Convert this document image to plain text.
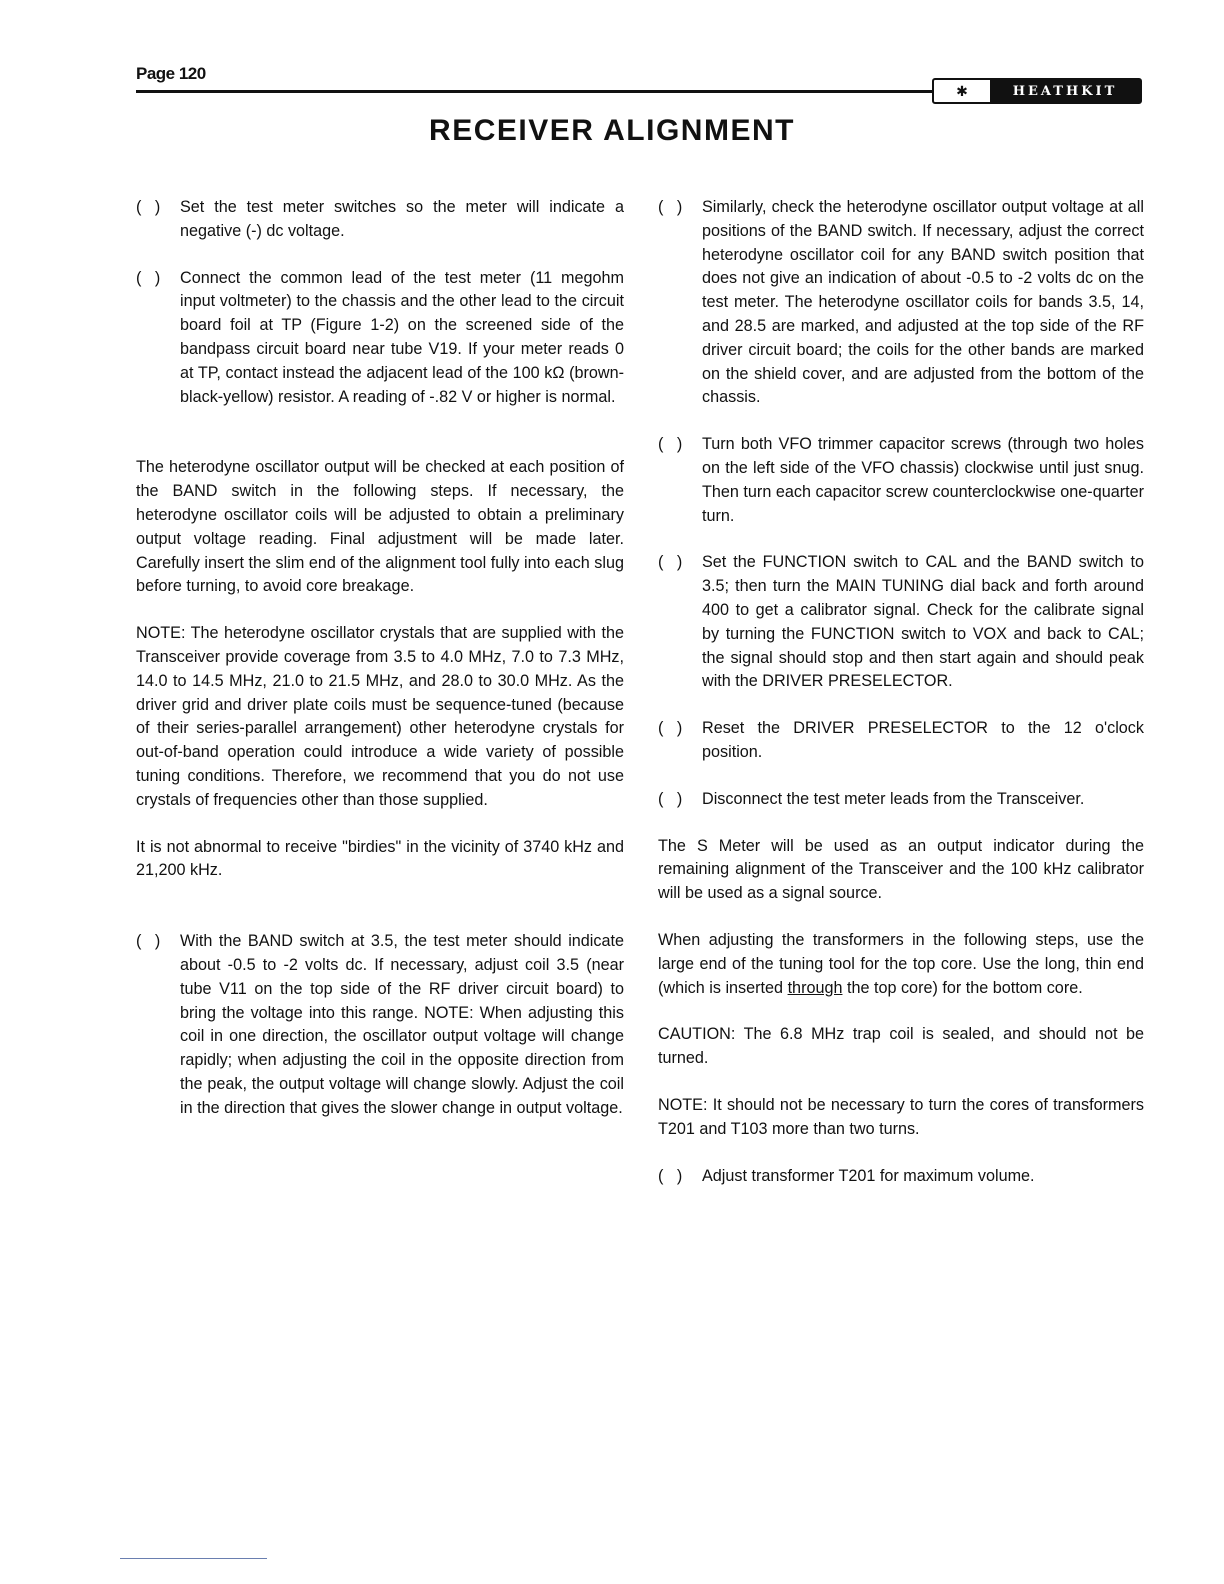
Page 120
✱	HEATHKIT
RECEIVER ALIGNMENT
(   )	Set the test meter switches so the meter will indicate a negative (-) dc voltage.
(   )	Connect the common lead of the test meter (11 megohm input voltmeter) to the chassis and the other lead to the circuit board foil at TP (Figure 1-2) on the screened side of the bandpass circuit board near tube V19. If your meter reads 0 at TP, contact instead the adjacent lead of the 100 kΩ (brown-black-yellow) resistor. A reading of -.82 V or higher is normal.

The heterodyne oscillator output will be checked at each position of the BAND switch in the following steps. If necessary, the heterodyne oscillator coils will be adjusted to obtain a preliminary output voltage reading. Final adjustment will be made later. Carefully insert the slim end of the alignment tool fully into each slug before turning, to avoid core breakage.

NOTE: The heterodyne oscillator crystals that are supplied with the Transceiver provide coverage from 3.5 to 4.0 MHz, 7.0 to 7.3 MHz, 14.0 to 14.5 MHz, 21.0 to 21.5 MHz, and 28.0 to 30.0 MHz. As the driver grid and driver plate coils must be sequence-tuned (because of their series-parallel arrangement) other heterodyne crystals for out-of-band operation could introduce a wide variety of possible tuning conditions. Therefore, we recommend that you do not use crystals of frequencies other than those supplied.

It is not abnormal to receive "birdies" in the vicinity of 3740 kHz and 21,200 kHz.

(   )	With the BAND switch at 3.5, the test meter should indicate about -0.5 to -2 volts dc. If necessary, adjust coil 3.5 (near tube V11 on the top side of the RF driver circuit board) to bring the voltage into this range. NOTE: When adjusting this coil in one direction, the oscillator output voltage will change rapidly; when adjusting the coil in the opposite direction from the peak, the output voltage will change slowly. Adjust the coil in the direction that gives the slower change in output voltage.
(   )	Similarly, check the heterodyne oscillator output voltage at all positions of the BAND switch. If necessary, adjust the correct heterodyne oscillator coil for any BAND switch position that does not give an indication of about -0.5 to -2 volts dc on the test meter. The heterodyne oscillator coils for bands 3.5, 14, and 28.5 are marked, and adjusted at the top side of the RF driver circuit board; the coils for the other bands are marked on the shield cover, and are adjusted from the bottom of the chassis.
(   )	Turn both VFO trimmer capacitor screws (through two holes on the left side of the VFO chassis) clockwise until just snug. Then turn each capacitor screw counterclockwise one-quarter turn.
(   )	Set the FUNCTION switch to CAL and the BAND switch to 3.5; then turn the MAIN TUNING dial back and forth around 400 to get a calibrator signal. Check for the calibrate signal by turning the FUNCTION switch to VOX and back to CAL; the signal should stop and then start again and should peak with the DRIVER PRESELECTOR.
(   )	Reset the DRIVER PRESELECTOR to the 12 o'clock position.
(   )	Disconnect the test meter leads from the Transceiver.

The S Meter will be used as an output indicator during the remaining alignment of the Transceiver and the 100 kHz calibrator will be used as a signal source.

When adjusting the transformers in the following steps, use the large end of the tuning tool for the top core. Use the long, thin end (which is inserted through the top core) for the bottom core.

CAUTION: The 6.8 MHz trap coil is sealed, and should not be turned.

NOTE: It should not be necessary to turn the cores of transformers T201 and T103 more than two turns.

(   )	Adjust transformer T201 for maximum volume.
